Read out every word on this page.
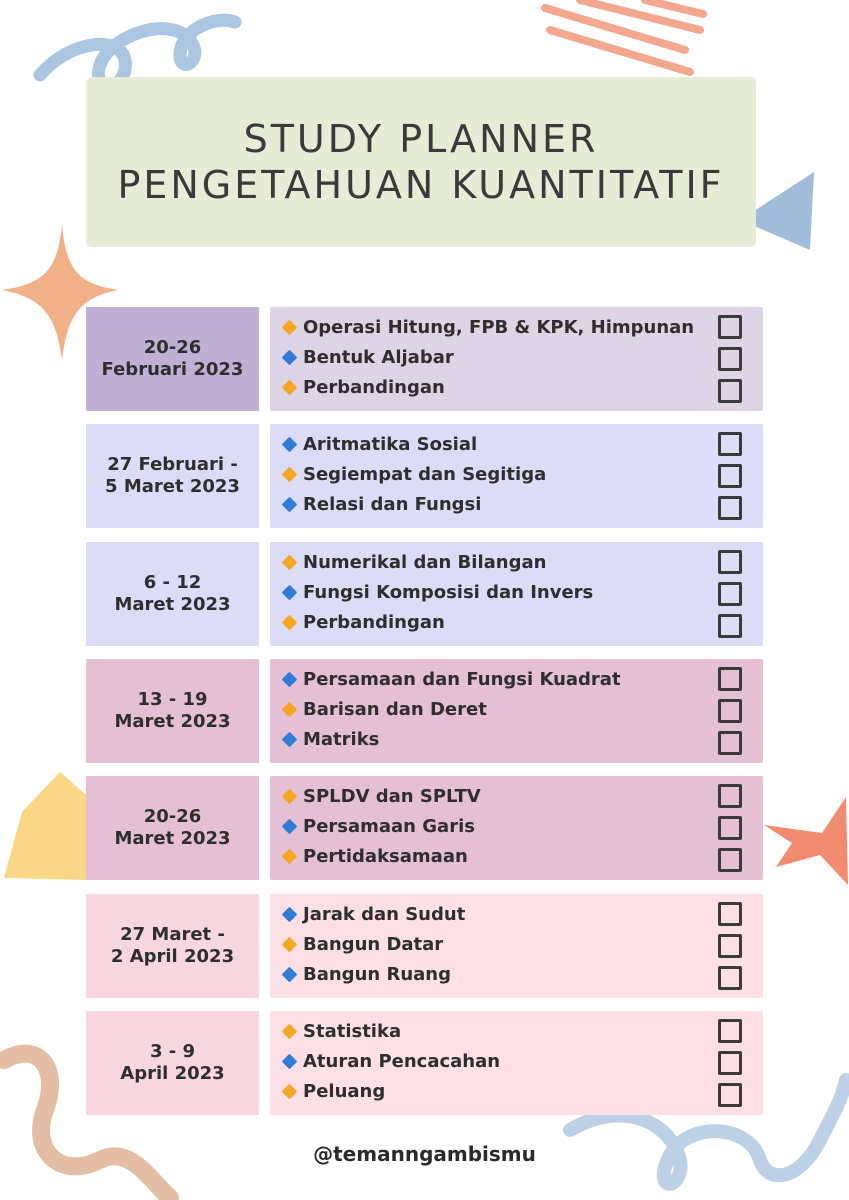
STUDY PLANNER
PENGETAHUAN KUANTITATIF
20-26
Februari 2023
Operasi Hitung, FPB & KPK, Himpunan
Bentuk Aljabar
Perbandingan
27 Februari -
5 Maret 2023
Aritmatika Sosial
Segiempat dan Segitiga
Relasi dan Fungsi
6 - 12
Maret 2023
Numerikal dan Bilangan
Fungsi Komposisi dan Invers
Perbandingan
13 - 19
Maret 2023
Persamaan dan Fungsi Kuadrat
Barisan dan Deret
Matriks
20-26
Maret 2023
SPLDV dan SPLTV
Persamaan Garis
Pertidaksamaan
27 Maret -
2 April 2023
Jarak dan Sudut
Bangun Datar
Bangun Ruang
3 - 9
April 2023
Statistika
Aturan Pencacahan
Peluang
@temanngambismu
